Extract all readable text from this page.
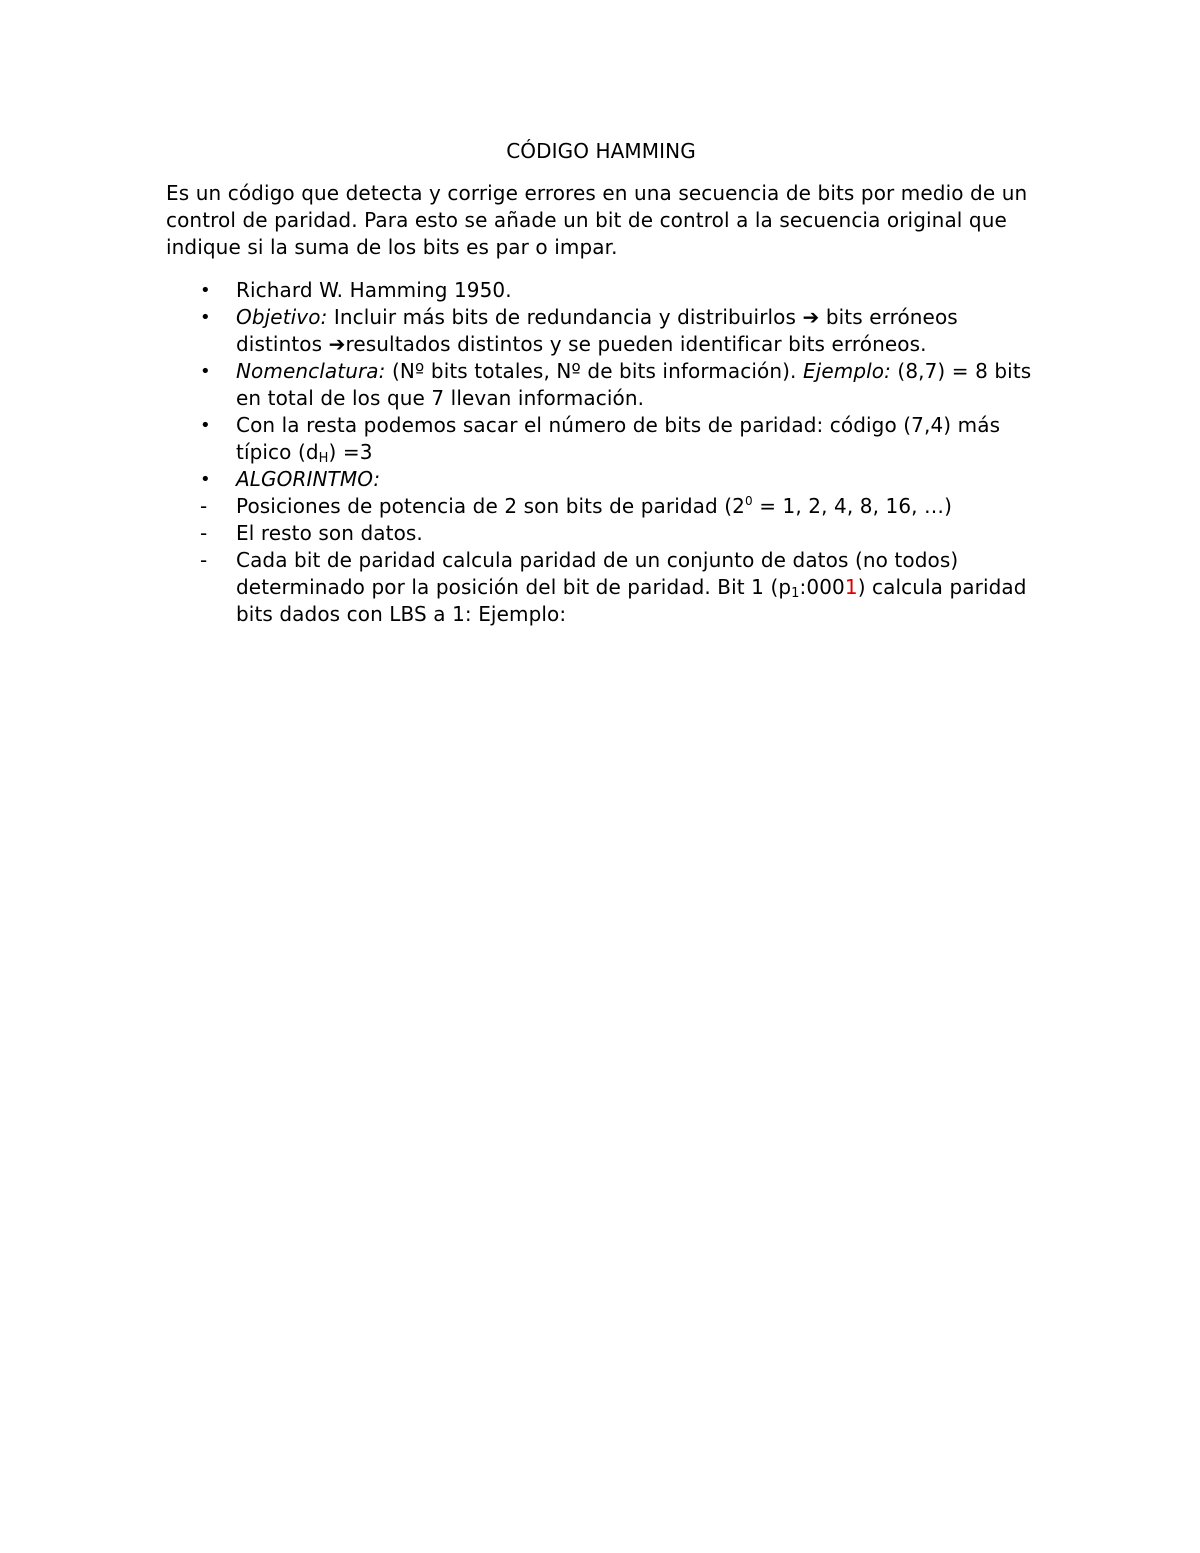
CÓDIGO HAMMING
Es un código que detecta y corrige errores en una secuencia de bits por medio de un control de paridad. Para esto se añade un bit de control a la secuencia original que indique si la suma de los bits es par o impar.
• Richard W. Hamming 1950.
• Objetivo: Incluir más bits de redundancia y distribuirlos ➔ bits erróneos distintos ➔resultados distintos y se pueden identificar bits erróneos.
• Nomenclatura: (Nº bits totales, Nº de bits información). Ejemplo: (8,7) = 8 bits en total de los que 7 llevan información.
• Con la resta podemos sacar el número de bits de paridad: código (7,4) más típico $(d_H) =3$
• ALGORINTMO:
- Posiciones de potencia de 2 son bits de paridad ($2^0 = 1$, 2, 4, 8, 16, …)
- El resto son datos.
- Cada bit de paridad calcula paridad de un conjunto de datos (no todos) determinado por la posición del bit de paridad. Bit 1 $(p_1:0001)$ calcula paridad bits dados con LBS a 1: Ejemplo:
